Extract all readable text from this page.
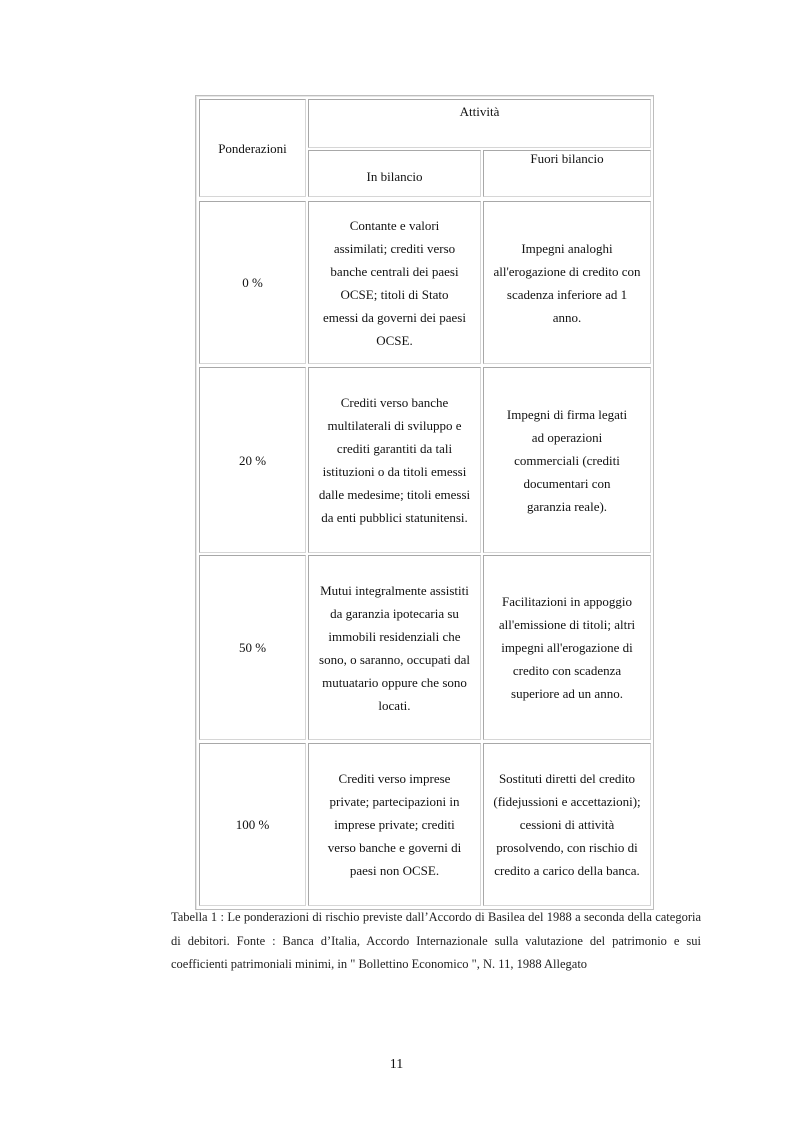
Ponderazioni
Attività
In bilancio
Fuori bilancio
0 %
Contante e valori assimilati; crediti verso banche centrali dei paesi OCSE; titoli di Stato emessi da governi dei paesi OCSE.
Impegni analoghi all'erogazione di credito con scadenza inferiore ad 1 anno.
20 %
Crediti verso banche multilaterali di sviluppo e crediti garantiti da tali istituzioni o da titoli emessi dalle medesime; titoli emessi da enti pubblici statunitensi.
Impegni di firma legati ad operazioni commerciali (crediti documentari con garanzia reale).
50 %
Mutui integralmente assistiti da garanzia ipotecaria su immobili residenziali che sono, o saranno, occupati dal mutuatario oppure che sono locati.
Facilitazioni in appoggio all'emissione di titoli; altri impegni all'erogazione di credito con scadenza superiore ad un anno.
100 %
Crediti verso imprese private; partecipazioni in imprese private; crediti verso banche e governi di paesi non OCSE.
Sostituti diretti del credito (fidejussioni e accettazioni); cessioni di attività prosolvendo, con rischio di credito a carico della banca.
Tabella 1 : Le ponderazioni di rischio previste dall’Accordo di Basilea del 1988 a seconda della categoria di debitori. Fonte : Banca d’Italia, Accordo Internazionale sulla valutazione del patrimonio e sui coefficienti patrimoniali minimi, in " Bollettino Economico ", N. 11, 1988 Allegato
11
